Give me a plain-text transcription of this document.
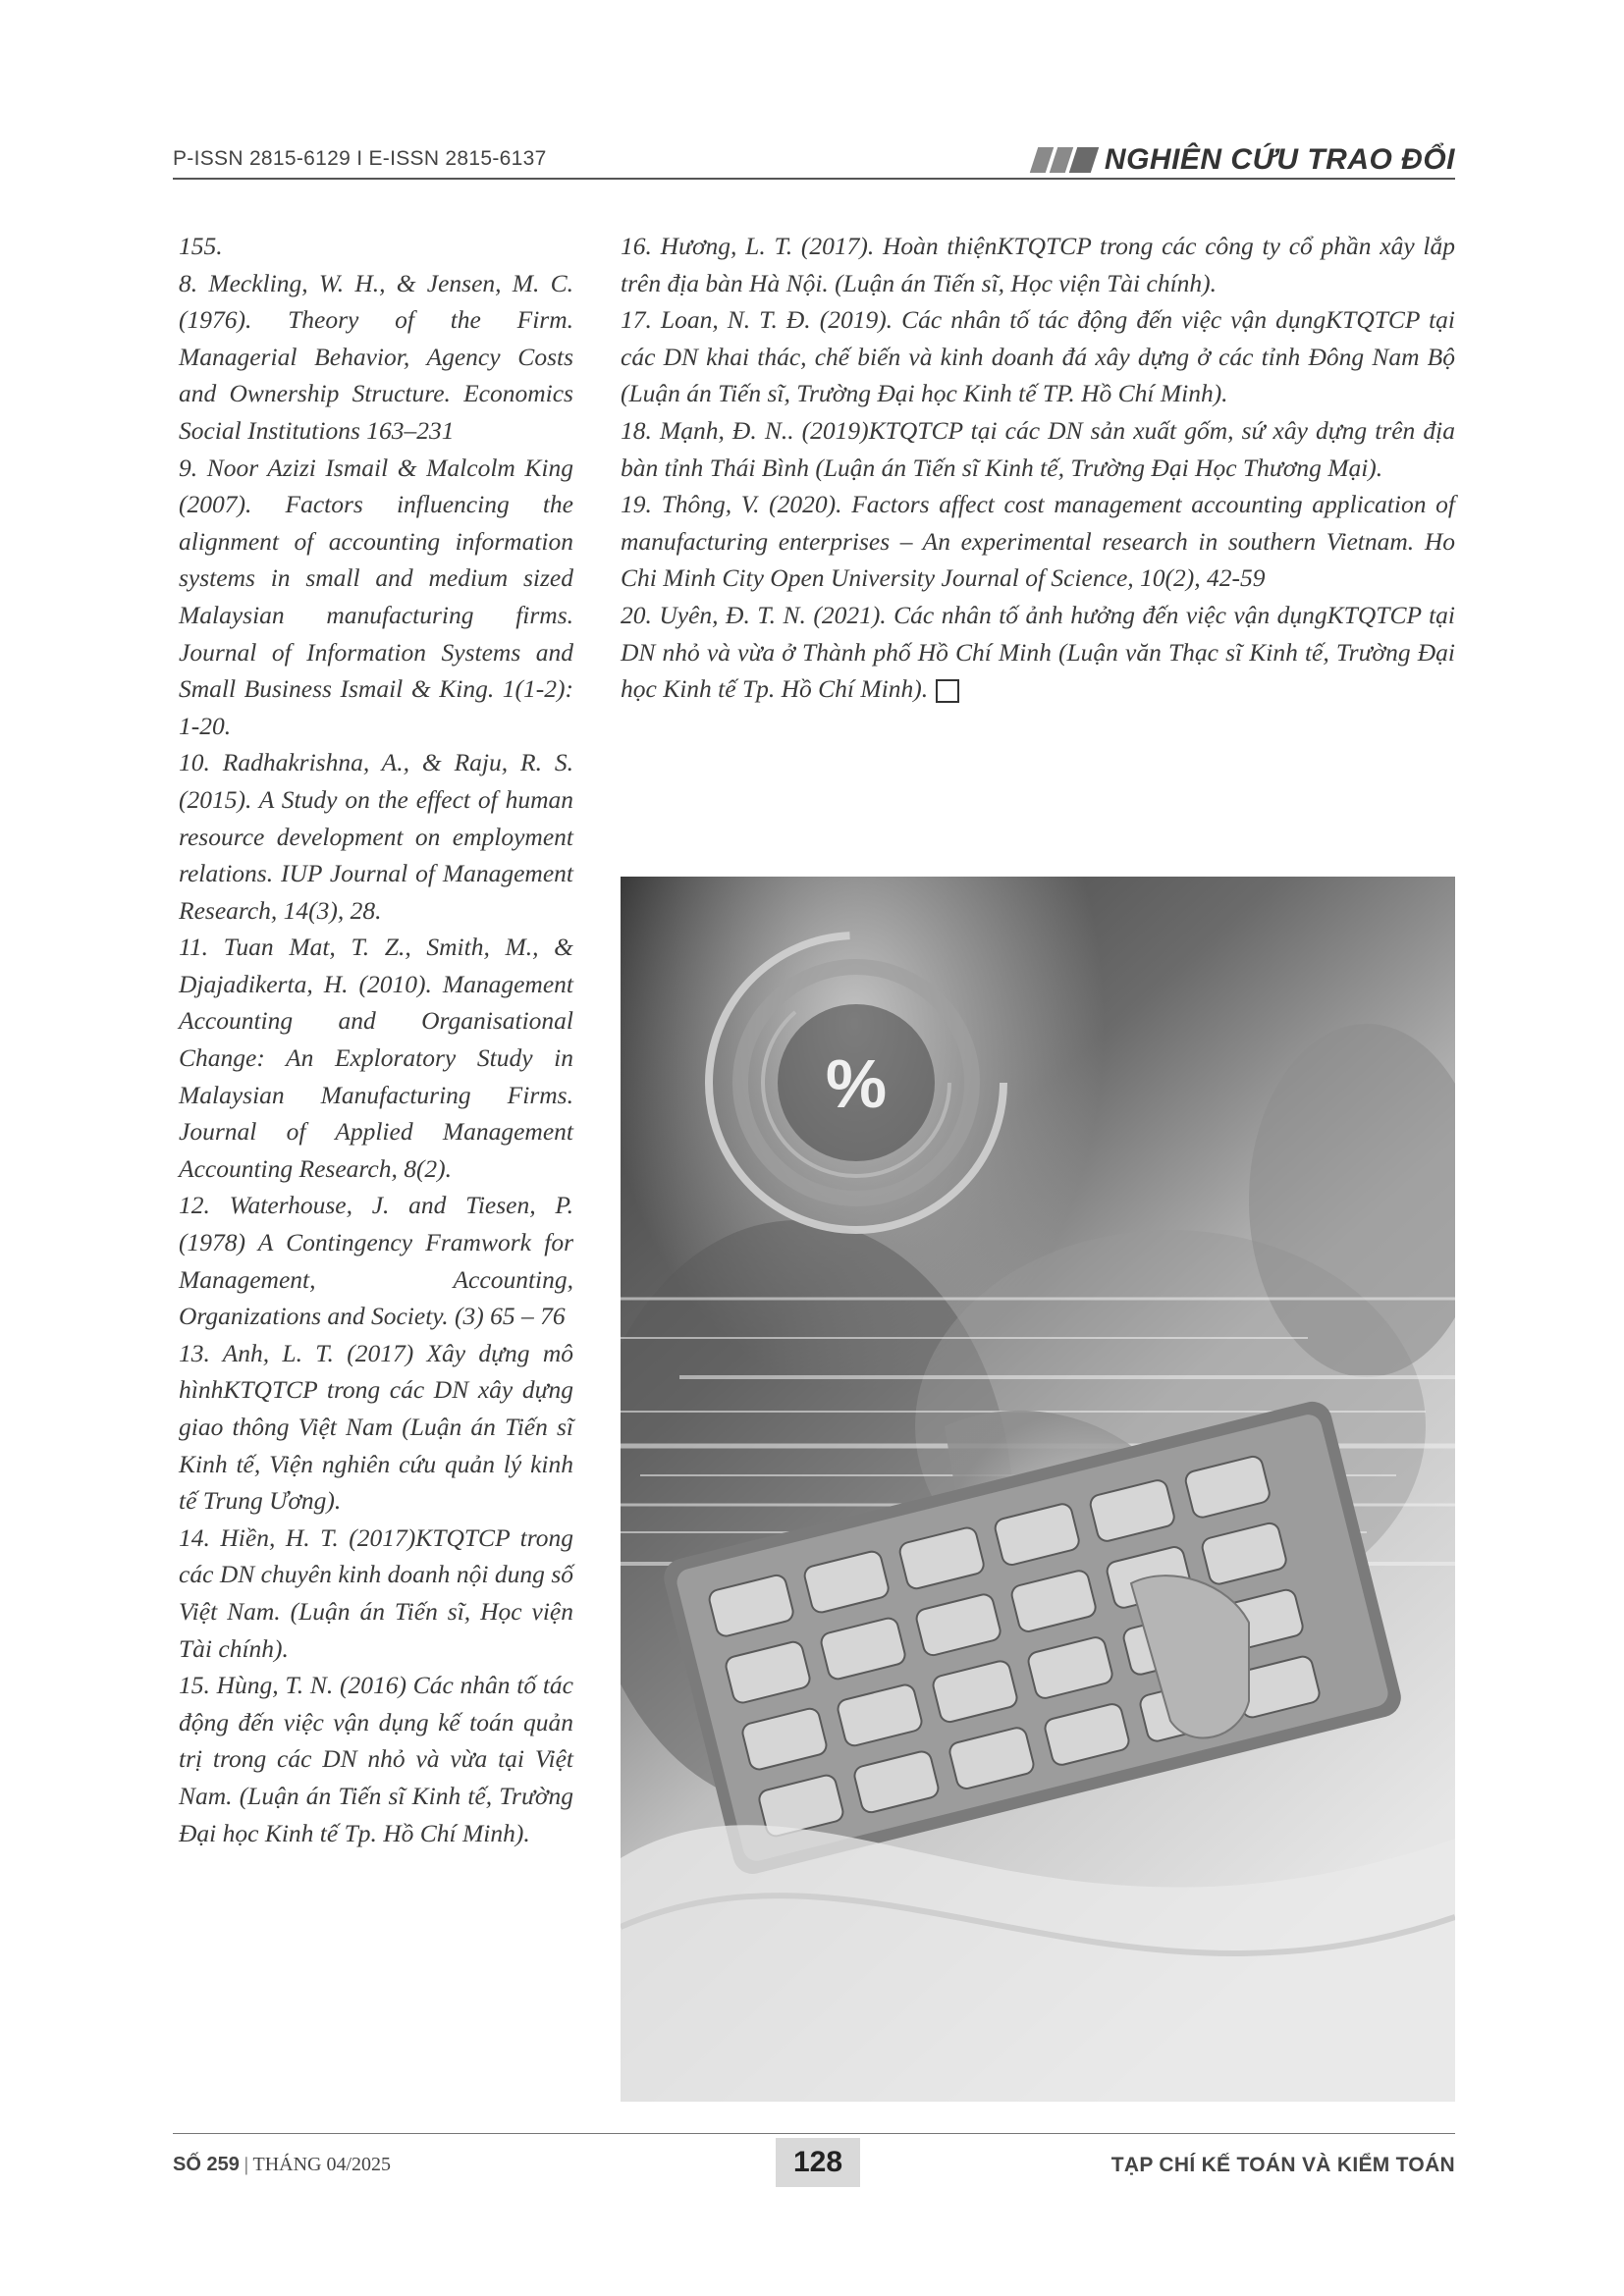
P-ISSN 2815-6129 I E-ISSN 2815-6137	NGHIÊN CỨU TRAO ĐỔI

155.

8. Meckling, W. H., & Jensen, M. C. (1976). Theory of the Firm. Managerial Behavior, Agency Costs and Ownership Structure. Economics Social Institutions 163–231

9. Noor Azizi Ismail & Malcolm King (2007). Factors influencing the alignment of accounting information systems in small and medium sized Malaysian manufacturing firms. Journal of Information Systems and Small Business Ismail & King. 1(1-2): 1-20.

10. Radhakrishna, A., & Raju, R. S. (2015). A Study on the effect of human resource development on employment relations. IUP Journal of Management Research, 14(3), 28.

11. Tuan Mat, T. Z., Smith, M., & Djajadikerta, H. (2010). Management Accounting and Organisational Change: An Exploratory Study in Malaysian Manufacturing Firms. Journal of Applied Management Accounting Research, 8(2).

12. Waterhouse, J. and Tiesen, P. (1978) A Contingency Framwork for Management, Accounting, Organizations and Society. (3) 65 – 76

13. Anh, L. T. (2017) Xây dựng mô hìnhKTQTCP trong các DN xây dựng giao thông Việt Nam (Luận án Tiến sĩ Kinh tế, Viện nghiên cứu quản lý kinh tế Trung Ương).

14. Hiền, H. T. (2017)KTQTCP trong các DN chuyên kinh doanh nội dung số Việt Nam. (Luận án Tiến sĩ, Học viện Tài chính).

15. Hùng, T. N. (2016) Các nhân tố tác động đến việc vận dụng kế toán quản trị trong các DN nhỏ và vừa tại Việt Nam. (Luận án Tiến sĩ Kinh tế, Trường Đại học Kinh tế Tp. Hồ Chí Minh).

16. Hương, L. T. (2017). Hoàn thiệnKTQTCP trong các công ty cổ phần xây lắp trên địa bàn Hà Nội. (Luận án Tiến sĩ, Học viện Tài chính).

17. Loan, N. T. Đ. (2019). Các nhân tố tác động đến việc vận dụngKTQTCP tại các DN khai thác, chế biến và kinh doanh đá xây dựng ở các tỉnh Đông Nam Bộ (Luận án Tiến sĩ, Trường Đại học Kinh tế TP. Hồ Chí Minh).

18. Mạnh, Đ. N.. (2019)KTQTCP tại các DN sản xuất gốm, sứ xây dựng trên địa bàn tỉnh Thái Bình (Luận án Tiến sĩ Kinh tế, Trường Đại Học Thương Mại).

19. Thông, V. (2020). Factors affect cost management accounting application of manufacturing enterprises – An experimental research in southern Vietnam. Ho Chi Minh City Open University Journal of Science, 10(2), 42-59

20. Uyên, Đ. T. N. (2021). Các nhân tố ảnh hưởng đến việc vận dụngKTQTCP tại DN nhỏ và vừa ở Thành phố Hồ Chí Minh (Luận văn Thạc sĩ Kinh tế, Trường Đại học Kinh tế Tp. Hồ Chí Minh).

%
SỐ 259 | THÁNG 04/2025	128	TẠP CHÍ KẾ TOÁN VÀ KIỂM TOÁN
